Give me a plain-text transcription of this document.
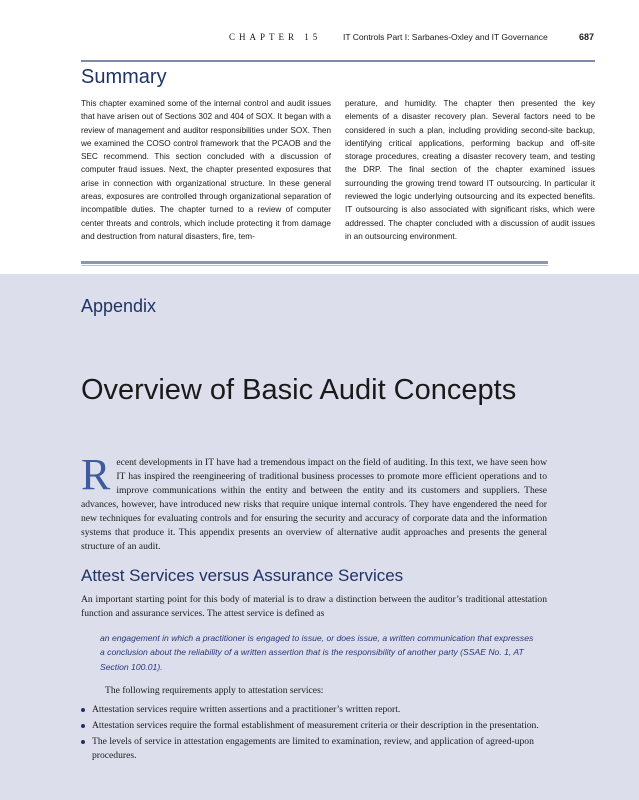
CHAPTER 15	IT Controls Part I: Sarbanes-Oxley and IT Governance	687
Summary

This chapter examined some of the internal control and audit issues that have arisen out of Sections 302 and 404 of SOX. It began with a review of management and auditor responsibilities under SOX. Then we examined the COSO control framework that the PCAOB and the SEC recommend. This section concluded with a discussion of computer fraud issues. Next, the chapter presented exposures that arise in connection with organizational structure. In these general areas, exposures are controlled through organizational separation of incompatible duties. The chapter turned to a review of computer center threats and controls, which include protecting it from damage and destruction from natural disasters, fire, tem-

perature, and humidity. The chapter then presented the key elements of a disaster recovery plan. Several factors need to be considered in such a plan, including providing second-site backup, identifying critical applications, performing backup and off-site storage procedures, creating a disaster recovery team, and testing the DRP. The final section of the chapter examined issues surrounding the growing trend toward IT outsourcing. In particular it reviewed the logic underlying outsourcing and its expected benefits. IT outsourcing is also associated with significant risks, which were addressed. The chapter concluded with a discussion of audit issues in an outsourcing environment.

Appendix
Overview of Basic Audit Concepts

Recent developments in IT have had a tremendous impact on the field of auditing. In this text, we have seen how IT has inspired the reengineering of traditional business processes to promote more efficient operations and to improve communications within the entity and between the entity and its customers and suppliers. These advances, however, have introduced new risks that require unique internal controls. They have engendered the need for new techniques for evaluating controls and for ensuring the security and accuracy of corporate data and the information systems that produce it. This appendix presents an overview of alternative audit approaches and presents the general structure of an audit.

Attest Services versus Assurance Services

An important starting point for this body of material is to draw a distinction between the auditor’s traditional attestation function and assurance services. The attest service is defined as

an engagement in which a practitioner is engaged to issue, or does issue, a written communication that expresses a conclusion about the reliability of a written assertion that is the responsibility of another party (SSAE No. 1, AT Section 100.01).

The following requirements apply to attestation services:

Attestation services require written assertions and a practitioner’s written report.
Attestation services require the formal establishment of measurement criteria or their description in the presentation.
The levels of service in attestation engagements are limited to examination, review, and application of agreed-upon procedures.
